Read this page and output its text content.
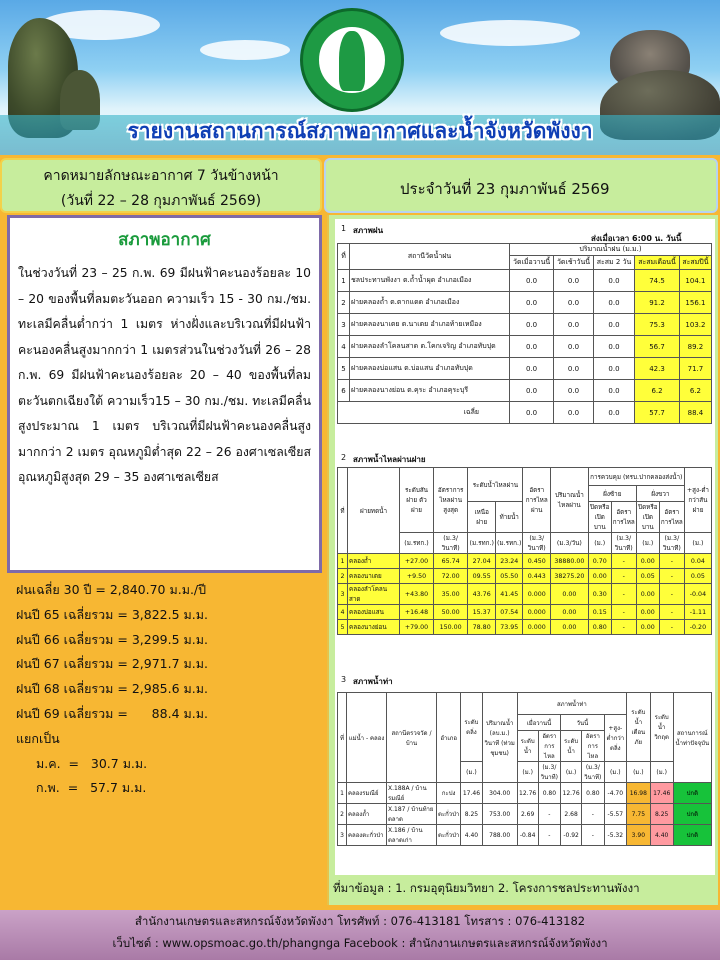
รายงานสถานการณ์สภาพอากาศและน้ำจังหวัดพังงา
คาดหมายลักษณะอากาศ 7 วันข้างหน้า
(วันที่ 22 – 28 กุมภาพันธ์ 2569)
ประจำวันที่ 23 กุมภาพันธ์ 2569
สภาพอากาศ

ในช่วงวันที่ 23 – 25 ก.พ. 69 มีฝนฟ้าคะนองร้อยละ 10 – 20 ของพื้นที่ลมตะวันออก ความเร็ว 15 - 30 กม./ชม. ทะเลมีคลื่นต่ำกว่า 1 เมตร ห่างฝั่งและบริเวณที่มีฝนฟ้าคะนองคลื่นสูงมากกว่า 1 เมตรส่วนในช่วงวันที่ 26 – 28 ก.พ. 69 มีฝนฟ้าคะนองร้อยละ 20 – 40 ของพื้นที่ลมตะวันตกเฉียงใต้ ความเร็ว15 – 30 กม./ชม. ทะเลมีคลื่นสูงประมาณ 1 เมตร บริเวณที่มีฝนฟ้าคะนองคลื่นสูงมากกว่า 2 เมตร อุณหภูมิต่ำสุด 22 – 26 องศาเซลเซียส อุณหภูมิสูงสุด 29 – 35 องศาเซลเซียส

ฝนเฉลี่ย 30 ปี = 2,840.70 ม.ม./ปี
ฝนปี 65 เฉลี่ยรวม = 3,822.5 ม.ม.
ฝนปี 66 เฉลี่ยรวม = 3,299.5 ม.ม.
ฝนปี 67 เฉลี่ยรวม = 2,971.7 ม.ม.
ฝนปี 68 เฉลี่ยรวม = 2,985.6 ม.ม.
ฝนปี 69 เฉลี่ยรวม =      88.4 ม.ม.
แยกเป็น
ม.ค.  =   30.7 ม.ม.
ก.พ.  =   57.7 ม.ม.
1 สภาพฝน
ส่งเมื่อเวลา 6:00 น. วันนี้
ที่	สถานีวัดน้ำฝน	ปริมาณน้ำฝน (ม.ม.)				
		วัดเมื่อวานนี้	วัดเช้าวันนี้	สะสม 2 วัน	สะสมเดือนนี้	สะสมปีนี้
1	ชลประทานพังงา ต.ถ้ำน้ำผุด อำเภอเมือง	0.0	0.0	0.0	74.5	104.1
2	ฝายคลองถ้ำ ต.ตากแดด อำเภอเมือง	0.0	0.0	0.0	91.2	156.1
3	ฝายคลองนาเตย ต.นาเตย อำเภอท้ายเหมือง	0.0	0.0	0.0	75.3	103.2
4	ฝายคลองลำโคลนสาด ต.โคกเจริญ อำเภอทับปุด	0.0	0.0	0.0	56.7	89.2
5	ฝายคลองบ่อแสน ต.บ่อแสน อำเภอทับปุด	0.0	0.0	0.0	42.3	71.7
6	ฝายคลองนางย่อน ต.คุระ อำเภอคุระบุรี	0.0	0.0	0.0	6.2	6.2
เฉลี่ย		0.0	0.0	0.0	57.7	88.4
2 สภาพน้ำไหลผ่านฝาย
ที่	ฝายทดน้ำ	ระดับสันฝาย ตัวฝาย	อัตราการไหลผ่าน สูงสุด	ระดับน้ำไหลผ่าน		อัตราการไหลผ่าน	ปริมาณน้ำไหลผ่าน	การควบคุม (ทรบ.ปากคลองส่งน้ำ)				+สูง-ต่ำกว่าสันฝาย
								ฝั่งซ้าย		ฝั่งขวา		
				เหนือฝาย	ท้ายน้ำ			ปิดหรือเปิดบาน	อัตราการไหล	ปิดหรือเปิดบาน	อัตราการไหล	
		(ม.รทก.)	(ม.3/วินาที)	(ม.รทก.)	(ม.รทก.)	(ม.3/วินาที)	(ม.3/วัน)	(ม.)	(ม.3/วินาที)	(ม.)	(ม.3/วินาที)	(ม.)
1	คลองถ้ำ	+27.00	65.74	27.04	23.24	0.450	38880.00	0.70	-	0.00	-	0.04
2	คลองนาเตย	+9.50	72.00	09.55	05.50	0.443	38275.20	0.00	-	0.05	-	0.05
3	คลองลำโคลนสาด	+43.80	35.00	43.76	41.45	0.000	0.00	0.30	-	0.00	-	-0.04
4	คลองบ่อแสน	+16.48	50.00	15.37	07.54	0.000	0.00	0.15	-	0.00	-	-1.11
5	คลองนางย่อน	+79.00	150.00	78.80	73.95	0.000	0.00	0.80	-	0.00	-	-0.20
3 สภาพน้ำท่า
ที่	แม่น้ำ - คลอง	สถานีตรวจวัด / บ้าน	อำเภอ	ระดับตลิ่ง	ปริมาณน้ำ (ลบ.ม.) วินาที (ท่วมชุมชน)	สภาพน้ำท่า					ระดับน้ำเตือนภัย	ระดับน้ำวิกฤต	สถานการณ์น้ำท่าปัจจุบัน
						เมื่อวานนี้		วันนี้		+สูง-ต่ำกว่าตลิ่ง			
						ระดับน้ำ	อัตราการไหล	ระดับน้ำ	อัตราการไหล				
				(ม.)		(ม.)	(ม.3/วินาที)	(ม.)	(ม.3/วินาที)	(ม.)	(ม.)	(ม.)	
1	คลองรมณีย์	X.188A / บ้านรมณีย์	กะปง	17.46	304.00	12.76	0.80	12.76	0.80	-4.70	16.98	17.46	ปกติ
2	คลองถ้ำ	X.187 / บ้านท้ายตลาด	ตะกั่วป่า	8.25	753.00	2.69	-	2.68	-	-5.57	7.75	8.25	ปกติ
3	คลองตะกั่วป่า	X.186 / บ้านตลาดเก่า	ตะกั่วป่า	4.40	788.00	-0.84	-	-0.92	-	-5.32	3.90	4.40	ปกติ
ที่มาข้อมูล : 1. กรมอุตุนิยมวิทยา 2. โครงการชลประทานพังงา
สำนักงานเกษตรและสหกรณ์จังหวัดพังงา โทรศัพท์ : 076-413181 โทรสาร : 076-413182
เว็บไซต์ : www.opsmoac.go.th/phangnga Facebook : สำนักงานเกษตรและสหกรณ์จังหวัดพังงา
